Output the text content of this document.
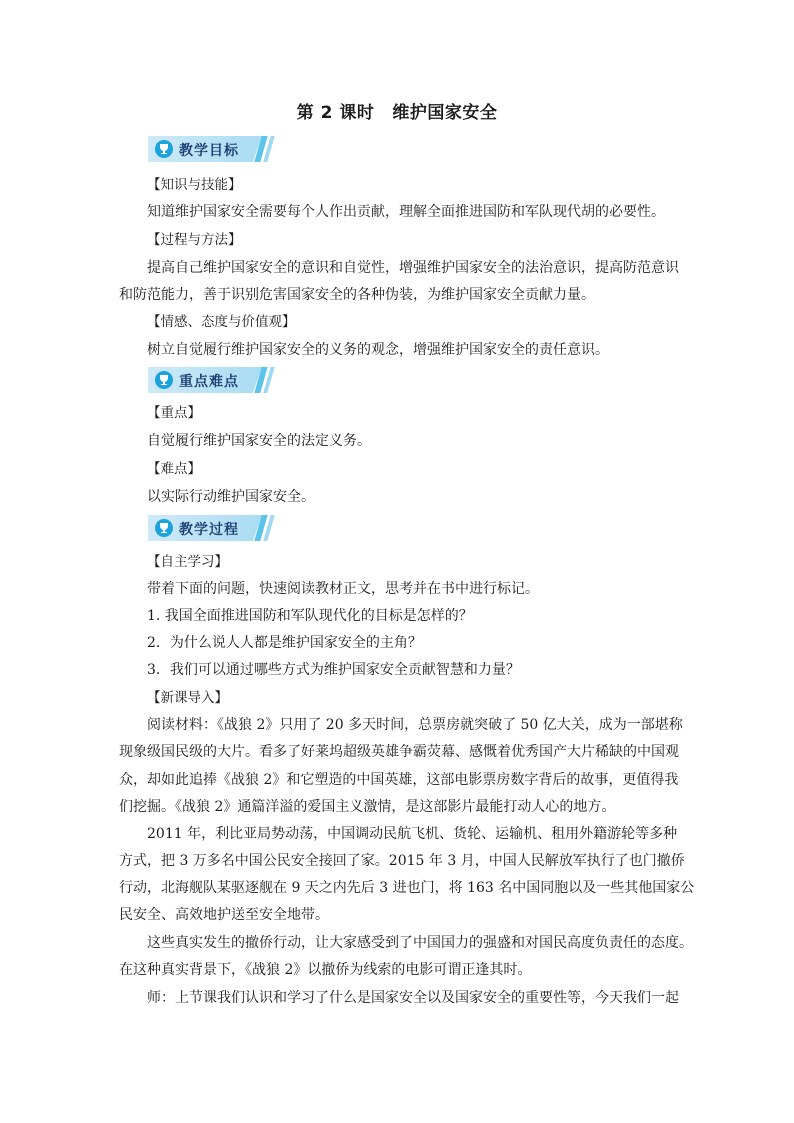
第 2 课时 维护国家安全
教学目标
【知识与技能】
知道维护国家安全需要每个人作出贡献，理解全面推进国防和军队现代胡的必要性。
【过程与方法】
提高自己维护国家安全的意识和自觉性，增强维护国家安全的法治意识，提高防范意识
和防范能力，善于识别危害国家安全的各种伪装，为维护国家安全贡献力量。
【情感、态度与价值观】
树立自觉履行维护国家安全的义务的观念，增强维护国家安全的责任意识。
重点难点
【重点】
自觉履行维护国家安全的法定义务。
【难点】
以实际行动维护国家安全。
教学过程
【自主学习】
带着下面的问题，快速阅读教材正文，思考并在书中进行标记。
1. 我国全面推进国防和军队现代化的目标是怎样的？
2．为什么说人人都是维护国家安全的主角？
3．我们可以通过哪些方式为维护国家安全贡献智慧和力量？
【新课导入】
阅读材料：《战狼 2》只用了 20 多天时间，总票房就突破了 50 亿大关，成为一部堪称
现象级国民级的大片。看多了好莱坞超级英雄争霸荧幕、感慨着优秀国产大片稀缺的中国观
众，却如此追捧《战狼 2》和它塑造的中国英雄，这部电影票房数字背后的故事，更值得我
们挖掘。《战狼 2》通篇洋溢的爱国主义激情，是这部影片最能打动人心的地方。
2011 年，利比亚局势动荡，中国调动民航飞机、货轮、运输机、租用外籍游轮等多种
方式，把 3 万多名中国公民安全接回了家。2015 年 3 月，中国人民解放军执行了也门撤侨
行动，北海舰队某驱逐舰在 9 天之内先后 3 进也门，将 163 名中国同胞以及一些其他国家公
民安全、高效地护送至安全地带。
这些真实发生的撤侨行动，让大家感受到了中国国力的强盛和对国民高度负责任的态度。
在这种真实背景下，《战狼 2》以撤侨为线索的电影可谓正逢其时。
师：上节课我们认识和学习了什么是国家安全以及国家安全的重要性等，今天我们一起
